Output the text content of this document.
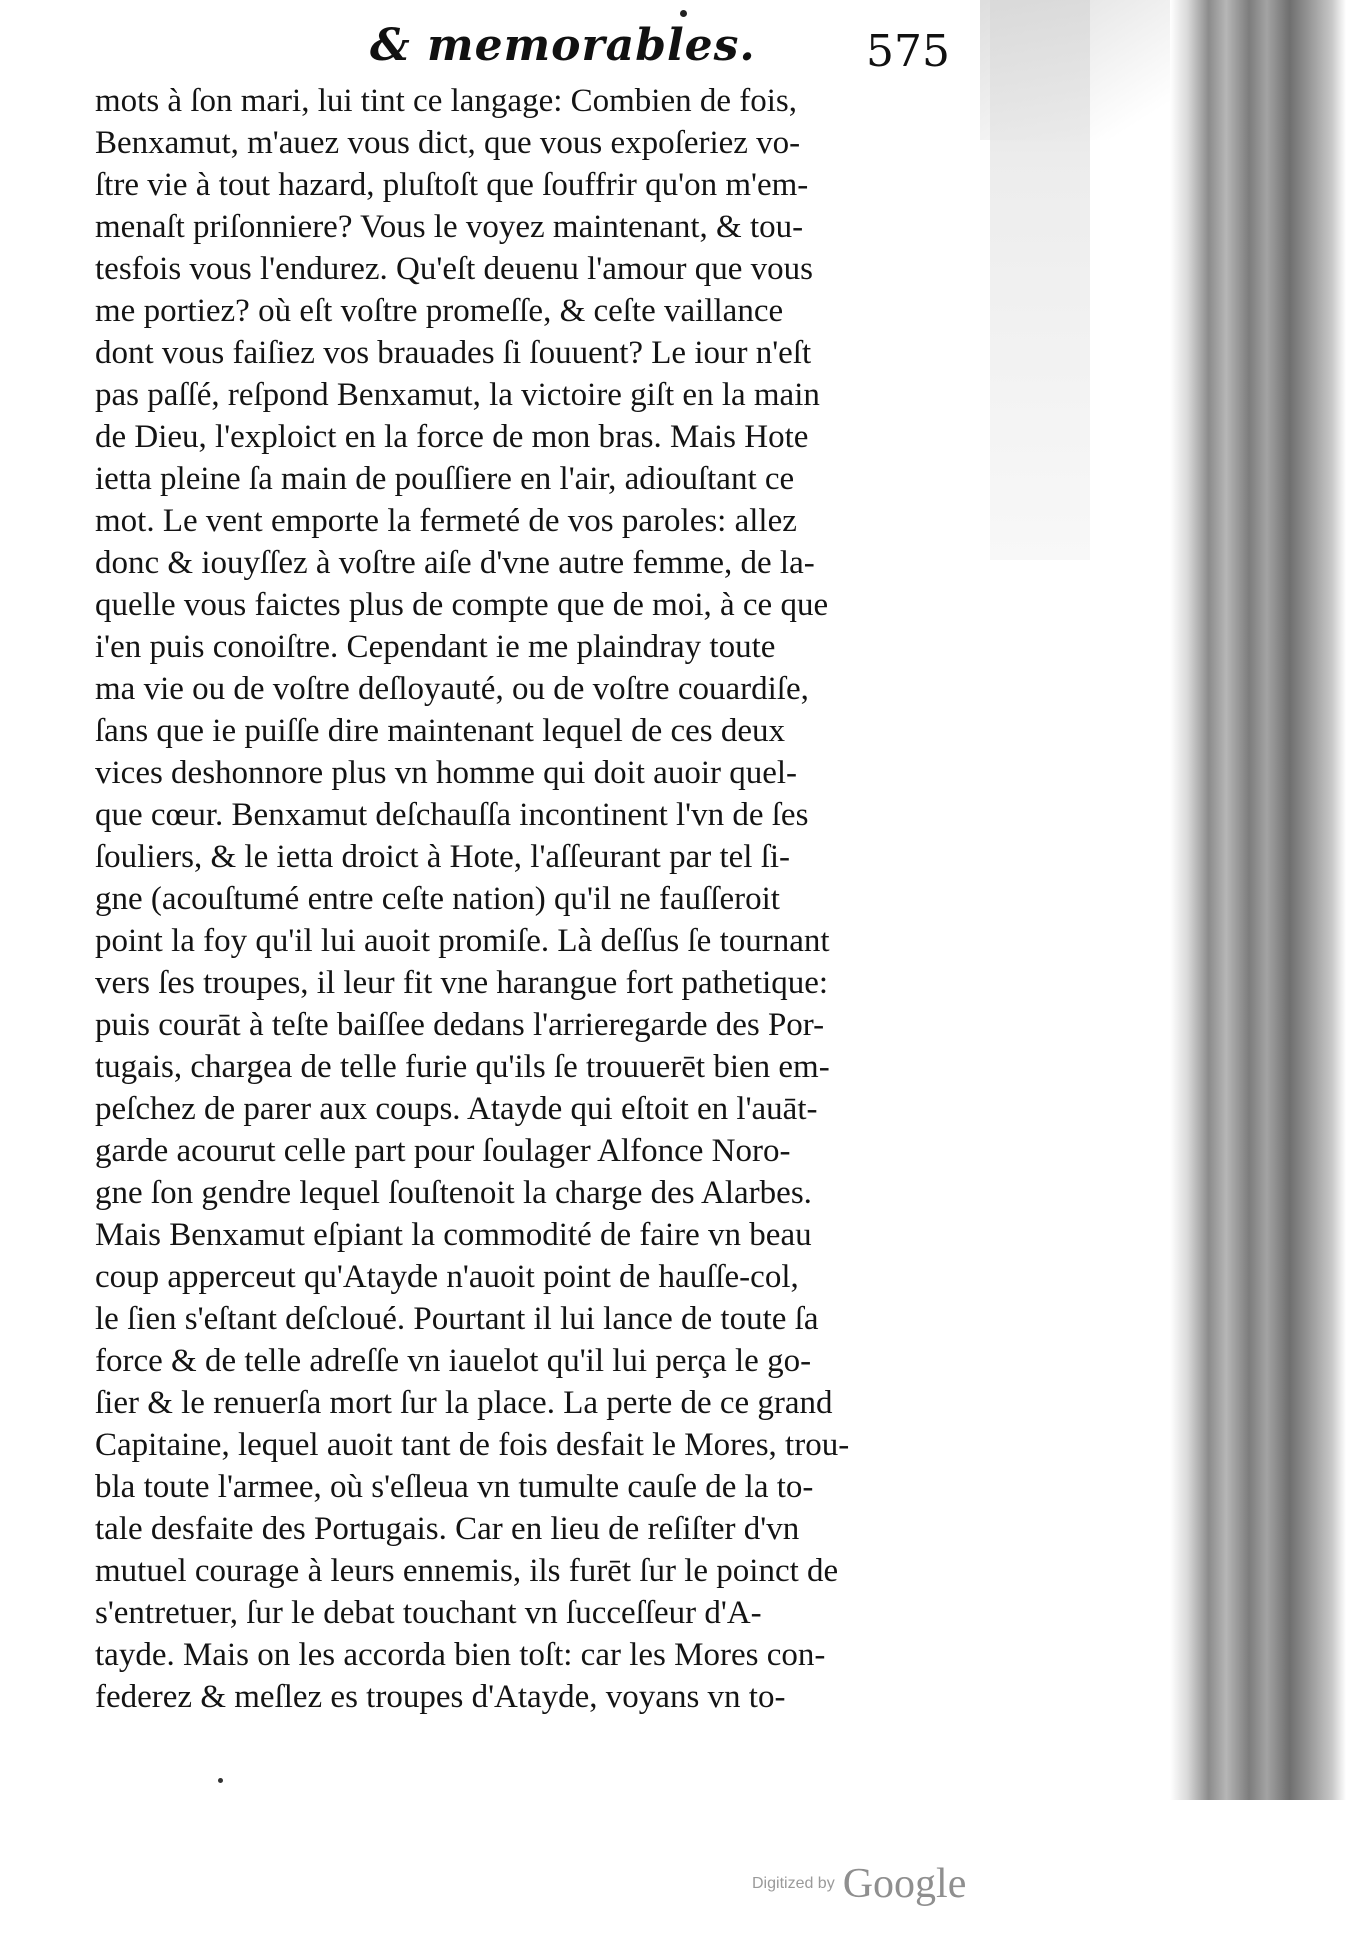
& memorables.	575
mots à ſon mari, lui tint ce langage: Combien de fois,
Benxamut, m'auez vous dict, que vous expoſeriez vo-
ſtre vie à tout hazard, pluſtoſt que ſouffrir qu'on m'em-
menaſt priſonniere? Vous le voyez maintenant, & tou-
tesfois vous l'endurez. Qu'eſt deuenu l'amour que vous
me portiez? où eſt voſtre promeſſe, & ceſte vaillance
dont vous faiſiez vos brauades ſi ſouuent? Le iour n'eſt
pas paſſé, reſpond Benxamut, la victoire giſt en la main
de Dieu, l'exploict en la force de mon bras. Mais Hote
ietta pleine ſa main de pouſſiere en l'air, adiouſtant ce
mot. Le vent emporte la fermeté de vos paroles: allez
donc & iouyſſez à voſtre aiſe d'vne autre femme, de la-
quelle vous faictes plus de compte que de moi, à ce que
i'en puis conoiſtre. Cependant ie me plaindray toute
ma vie ou de voſtre deſloyauté, ou de voſtre couardiſe,
ſans que ie puiſſe dire maintenant lequel de ces deux
vices deshonnore plus vn homme qui doit auoir quel-
que cœur. Benxamut deſchauſſa incontinent l'vn de ſes
ſouliers, & le ietta droict à Hote, l'aſſeurant par tel ſi-
gne (acouſtumé entre ceſte nation) qu'il ne fauſſeroit
point la foy qu'il lui auoit promiſe. Là deſſus ſe tournant
vers ſes troupes, il leur fit vne harangue fort pathetique:
puis courāt à teſte baiſſee dedans l'arrieregarde des Por-
tugais, chargea de telle furie qu'ils ſe trouuerēt bien em-
peſchez de parer aux coups. Atayde qui eſtoit en l'auāt-
garde acourut celle part pour ſoulager Alfonce Noro-
gne ſon gendre lequel ſouſtenoit la charge des Alarbes.
Mais Benxamut eſpiant la commodité de faire vn beau
coup apperceut qu'Atayde n'auoit point de hauſſe-col,
le ſien s'eſtant deſcloué. Pourtant il lui lance de toute ſa
force & de telle adreſſe vn iauelot qu'il lui perça le go-
ſier & le renuerſa mort ſur la place. La perte de ce grand
Capitaine, lequel auoit tant de fois desfait le Mores, trou-
bla toute l'armee, où s'eſleua vn tumulte cauſe de la to-
tale desfaite des Portugais. Car en lieu de reſiſter d'vn
mutuel courage à leurs ennemis, ils furēt ſur le poinct de
s'entretuer, ſur le debat touchant vn ſucceſſeur d'A-
tayde. Mais on les accorda bien toſt: car les Mores con-
federez & meſlez es troupes d'Atayde, voyans vn to-
Digitized by Google
